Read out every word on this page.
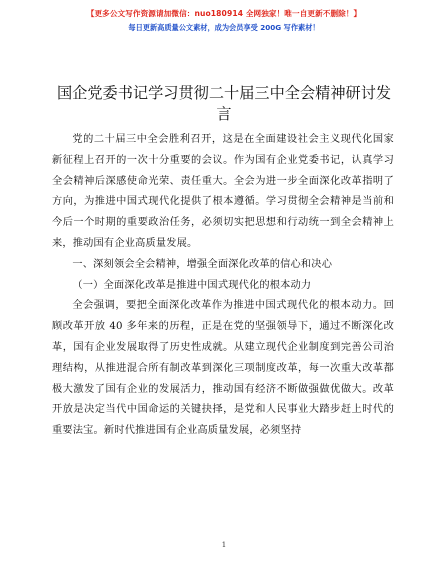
【更多公文写作资源请加微信：nuo180914 全网独家！唯一自更新不删除！】
每日更新高质量公文素材，成为会员享受 200G 写作素材！
国企党委书记学习贯彻二十届三中全会精神研讨发言

党的二十届三中全会胜利召开，这是在全面建设社会主义现代化国家新征程上召开的一次十分重要的会议。作为国有企业党委书记，认真学习全会精神后深感使命光荣、责任重大。全会为进一步全面深化改革指明了方向，为推进中国式现代化提供了根本遵循。学习贯彻全会精神是当前和今后一个时期的重要政治任务，必须切实把思想和行动统一到全会精神上来，推动国有企业高质量发展。

一、深刻领会全会精神，增强全面深化改革的信心和决心

（一）全面深化改革是推进中国式现代化的根本动力

全会强调，要把全面深化改革作为推进中国式现代化的根本动力。回顾改革开放 40 多年来的历程，正是在党的坚强领导下，通过不断深化改革，国有企业发展取得了历史性成就。从建立现代企业制度到完善公司治理结构，从推进混合所有制改革到深化三项制度改革，每一次重大改革都极大激发了国有企业的发展活力，推动国有经济不断做强做优做大。改革开放是决定当代中国命运的关键抉择，是党和人民事业大踏步赶上时代的重要法宝。新时代推进国有企业高质量发展，必须坚持

1
